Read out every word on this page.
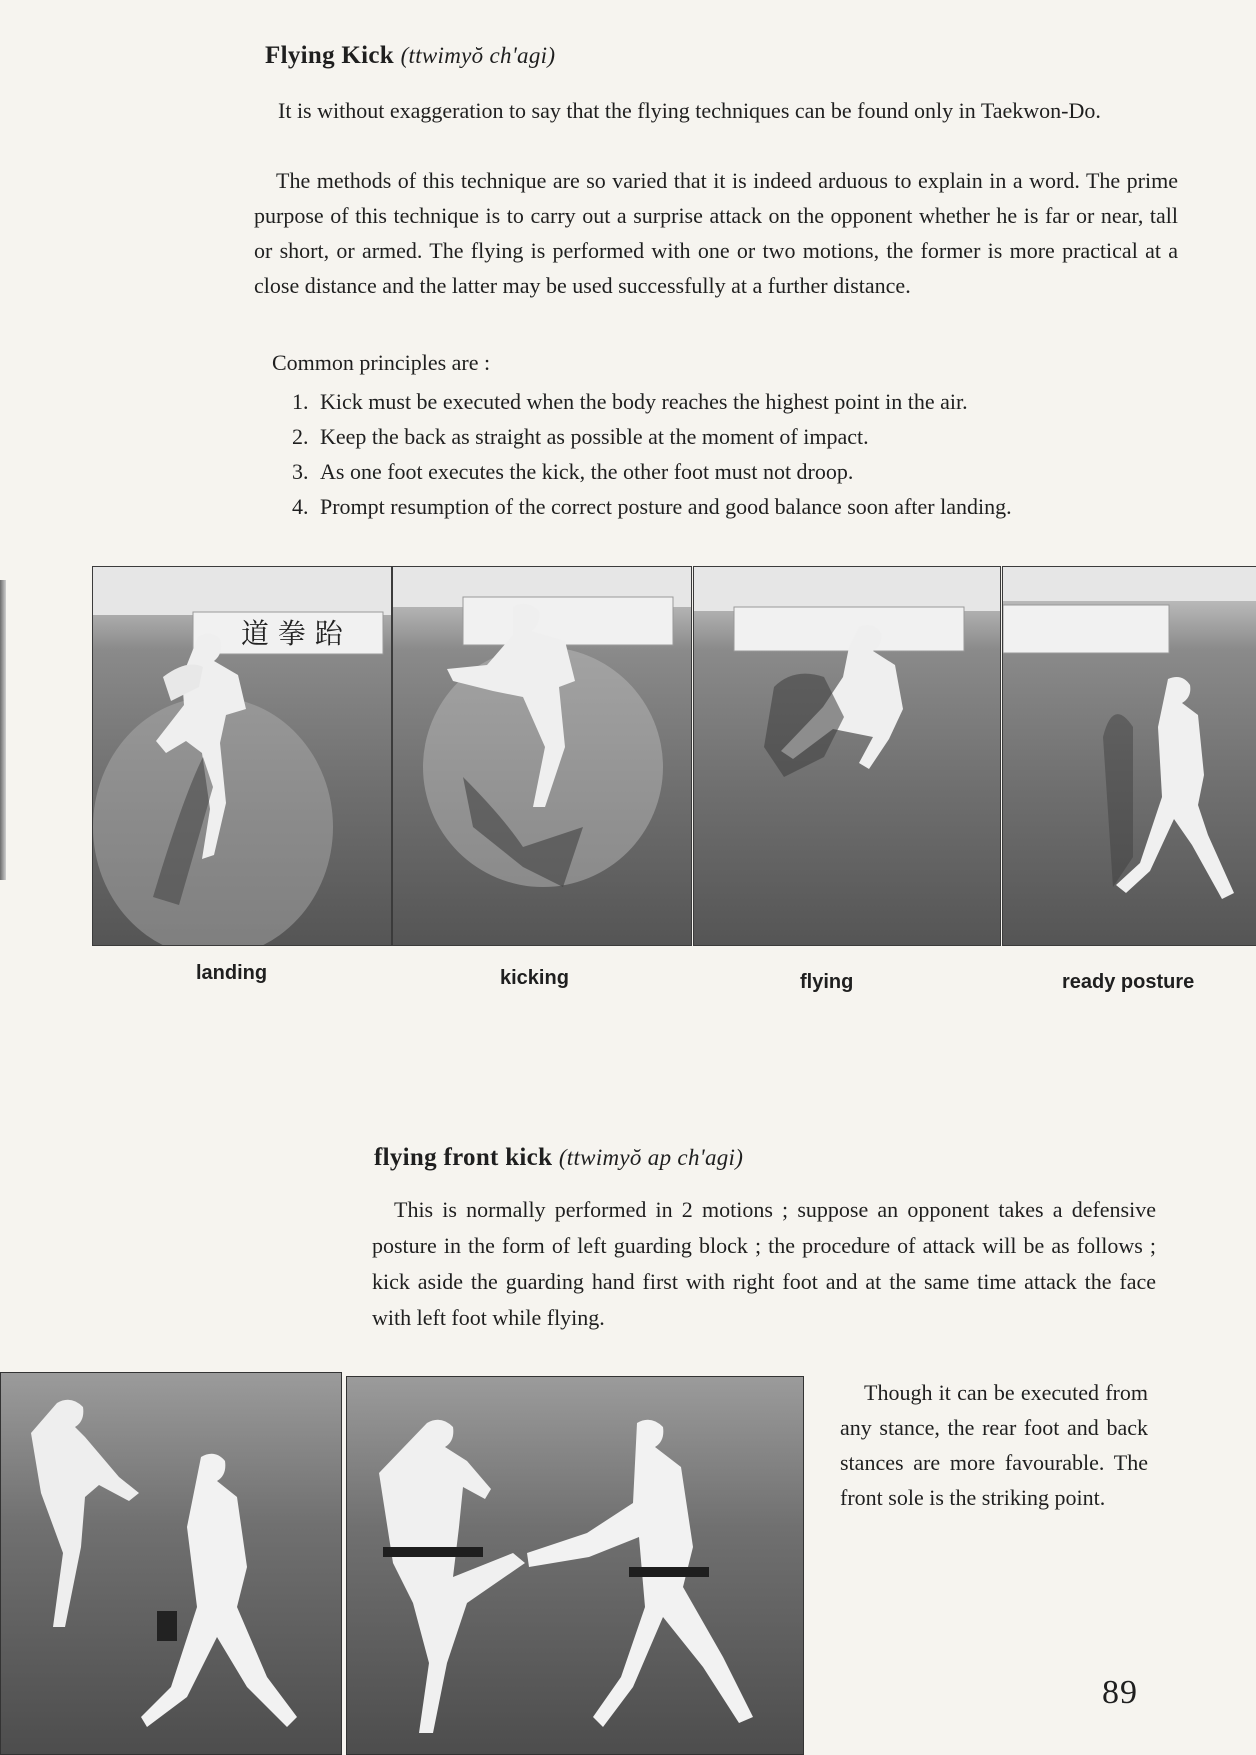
Flying Kick (ttwimyŏ ch'agi)

It is without exaggeration to say that the flying techniques can be found only in Taekwon-Do.

The methods of this technique are so varied that it is indeed arduous to explain in a word. The prime purpose of this technique is to carry out a surprise attack on the opponent whether he is far or near, tall or short, or armed. The flying is performed with one or two motions, the former is more practical at a close distance and the latter may be used successfully at a further distance.

Common principles are :
1. Kick must be executed when the body reaches the highest point in the air.
2. Keep the back as straight as possible at the moment of impact.
3. As one foot executes the kick, the other foot must not droop.
4. Prompt resumption of the correct posture and good balance soon after landing.
道 拳 跆
landing	kicking	flying	ready posture
flying front kick (ttwimyŏ ap ch'agi)

This is normally performed in 2 motions ; suppose an opponent takes a defensive posture in the form of left guarding block ; the procedure of attack will be as follows ; kick aside the guarding hand first with right foot and at the same time attack the face with left foot while flying.

Though it can be executed from any stance, the rear foot and back stances are more favourable. The front sole is the striking point.

89
